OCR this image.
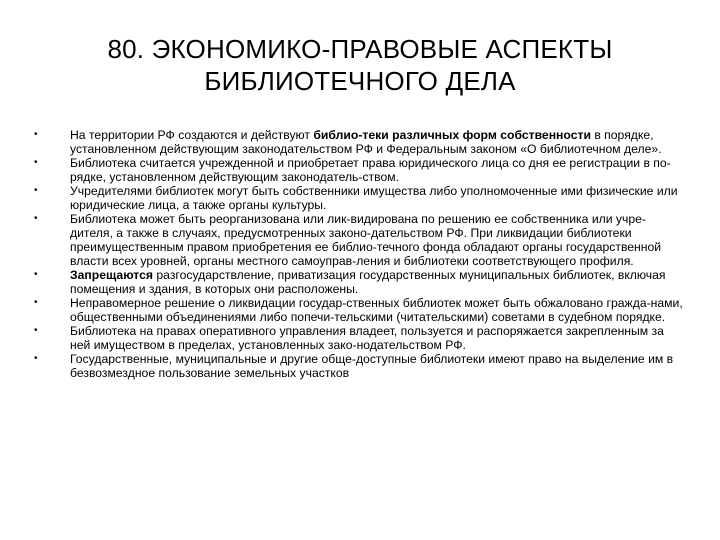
80. ЭКОНОМИКО-ПРАВОВЫЕ АСПЕКТЫ
БИБЛИОТЕЧНОГО ДЕЛА
•	На территории РФ создаются и действуют библио-теки различных форм собственности в порядке, установленном действующим законодательством РФ и Федеральным законом «О библиотечном деле».
•	Библиотека считается учрежденной и приобретает права юридического лица со дня ее регистрации в по-рядке, установленном действующим законодатель-ством.
•	Учредителями библиотек могут быть собственники имущества либо уполномоченные ими физические или юридические лица, а также органы культуры.
•	Библиотека может быть реорганизована или лик-видирована по решению ее собственника или учре-дителя, а также в случаях, предусмотренных законо-дательством РФ. При ликвидации библиотеки преимущественным правом приобретения ее библио-течного фонда обладают органы государственной власти всех уровней, органы местного самоуправ-ления и библиотеки соответствующего профиля.
•	Запрещаются разгосударствление, приватизация государственных муниципальных библиотек, включая помещения и здания, в которых они расположены.
•	Неправомерное решение о ликвидации государ-ственных библиотек может быть обжаловано гражда-нами, общественными объединениями либо попечи-тельскими (читательскими) советами в судебном порядке.
•	Библиотека на правах оперативного управления владеет, пользуется и распоряжается закрепленным за ней имуществом в пределах, установленных зако-нодательством РФ.
•	Государственные, муниципальные и другие обще-доступные библиотеки имеют право на выделение им в безвозмездное пользование земельных участков
